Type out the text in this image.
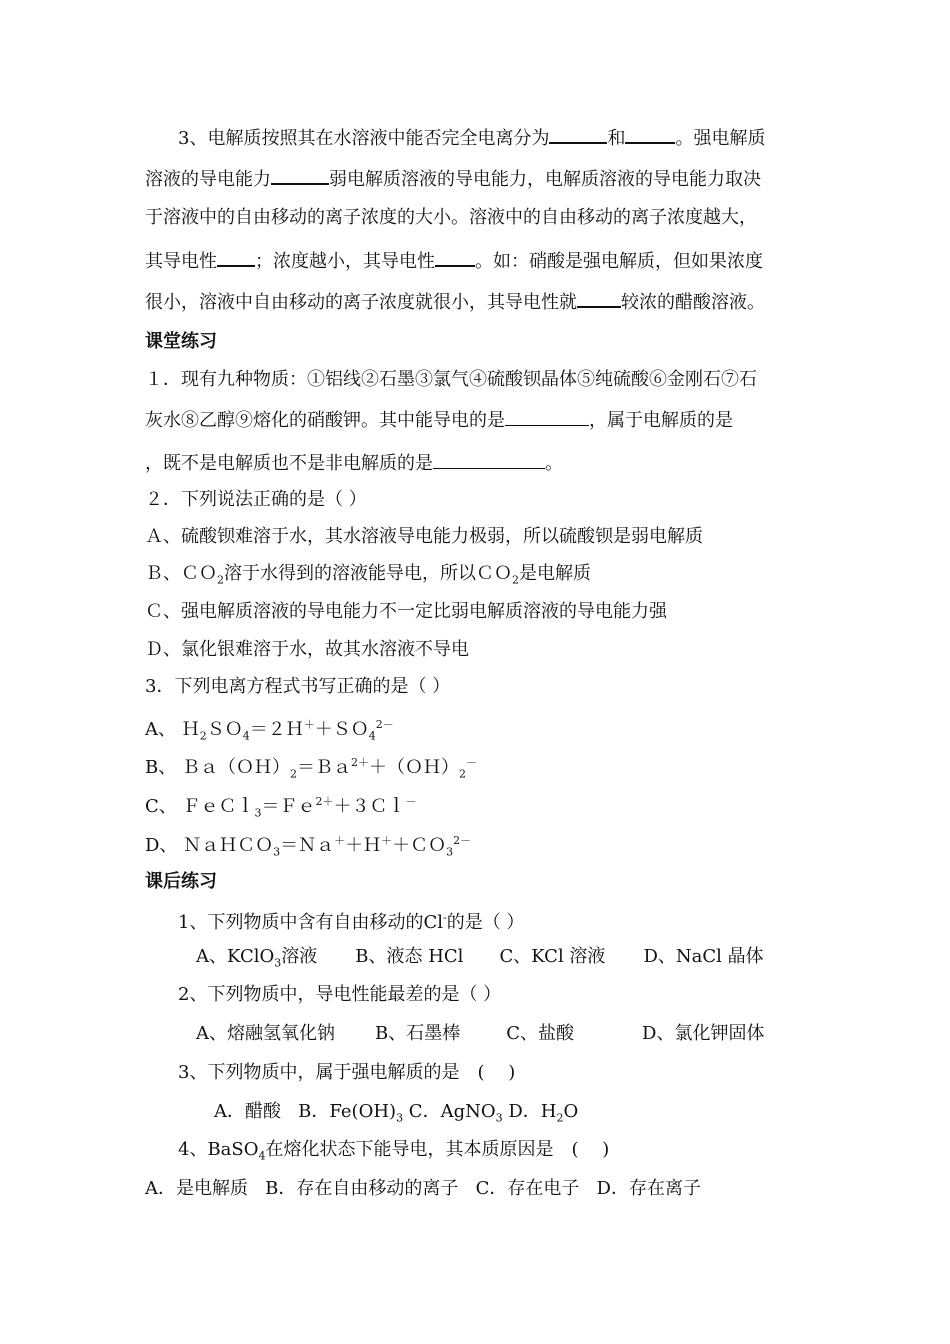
3、电解质按照其在水溶液中能否完全电离分为	和	。强电解质
溶液的导电能力	弱电解质溶液的导电能力，电解质溶液的导电能力取决
于溶液中的自由移动的离子浓度的大小。溶液中的自由移动的离子浓度越大，
其导电性 ；浓度越小，其导电性 。如：硝酸是强电解质，但如果浓度
很小，溶液中自由移动的离子浓度就很小，其导电性就 较浓的醋酸溶液。
课堂练习
１．现有九种物质：①铝线②石墨③氯气④硫酸钡晶体⑤纯硫酸⑥金刚石⑦石
灰水⑧乙醇⑨熔化的硝酸钾。其中能导电的是	，属于电解质的是
，既不是电解质也不是非电解质的是	。
２．下列说法正确的是（ ）
Ａ、硫酸钡难溶于水，其水溶液导电能力极弱，所以硫酸钡是弱电解质
Ｂ、ＣＯ$_2$溶于水得到的溶液能导电，所以ＣＯ$_2$是电解质
Ｃ、强电解质溶液的导电能力不一定比弱电解质溶液的导电能力强
Ｄ、氯化银难溶于水，故其水溶液不导电
3．下列电离方程式书写正确的是（ ）
A、 Ｈ$_2$ＳＯ$_4$＝２Ｈ＋＋ＳＯ$_4^{2-}$
B、 $Ba(OH)_2=Ba^{2+}+(OH)_2^-$
C、 ＦｅＣｌ$_3$＝Ｆｅ$^{2+}$＋３Ｃｌ－
D、 ＮａＨＣＯ$_3$＝Ｎａ＋＋Ｈ＋＋ＣＯ$_3^{2-}$
课后练习
1、下列物质中含有自由移动的Cl-的是（ ）
A、KClO$_3$溶液 B、液态 HCl C、KCl 溶液 D、NaCl 晶体
2、下列物质中，导电性能最差的是（ ）
A、熔融氢氧化钠 B、石墨棒	C、盐酸	D、氯化钾固体
3、下列物质中，属于强电解质的是　(　 )
A．醋酸 B．$Fe(OH)_3$ C．AgNO$_3$ D．$H_2O$
4、BaSO$_4$在熔化状态下能导电，其本质原因是　(　 )
A．是电解质 B．存在自由移动的离子 C．存在电子 D．存在离子
